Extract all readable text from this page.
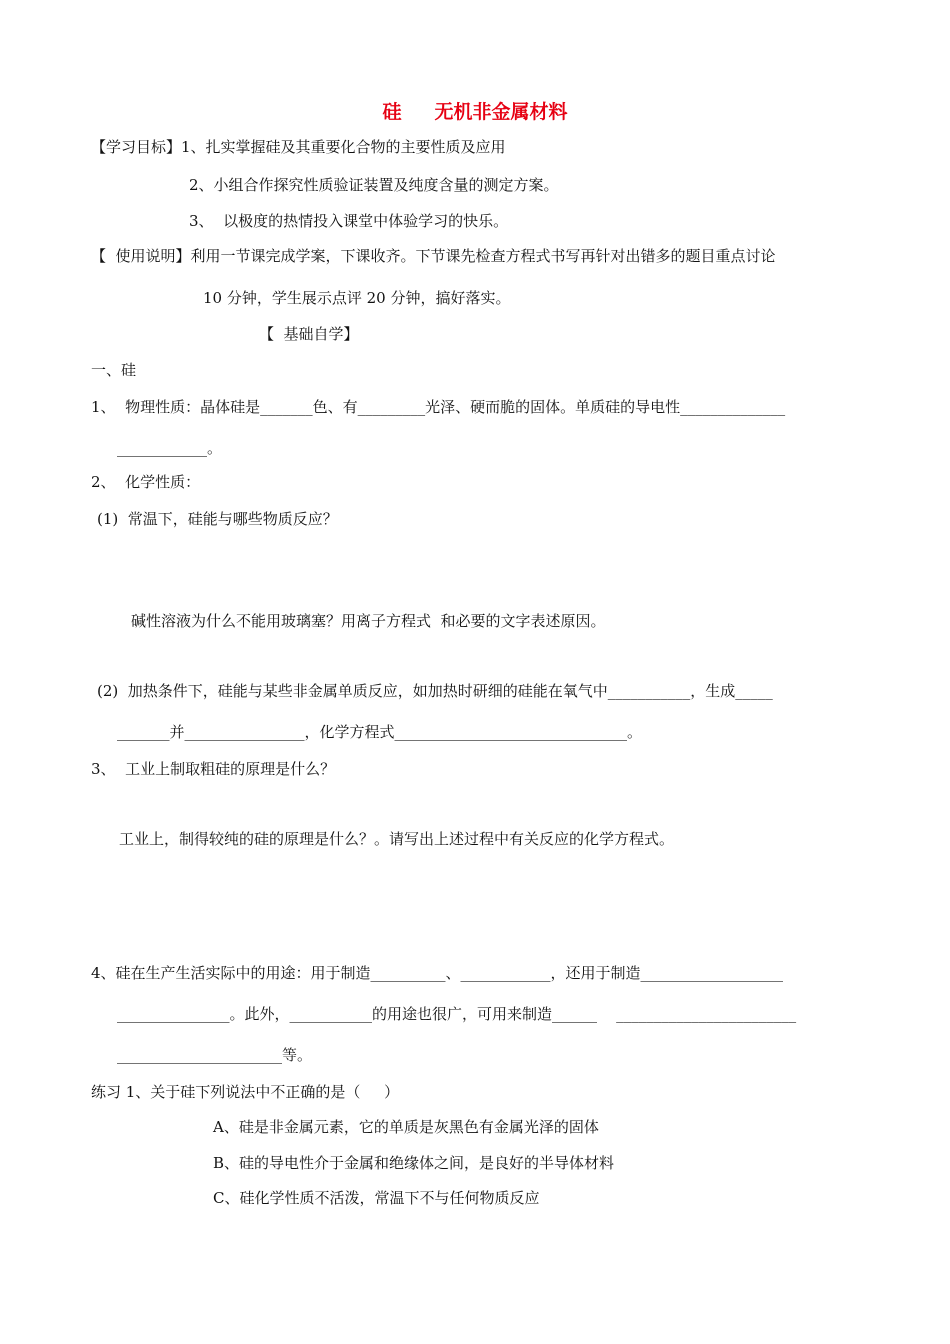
硅     无机非金属材料
【学习目标】1、扎实掌握硅及其重要化合物的主要性质及应用
2、小组合作探究性质验证装置及纯度含量的测定方案。
3、  以极度的热情投入课堂中体验学习的快乐。
【  使用说明】利用一节课完成学案，下课收齐。下节课先检查方程式书写再针对出错多的题目重点讨论
10 分钟，学生展示点评 20 分钟，搞好落实。
【  基础自学】
一、硅
1、  物理性质：晶体硅是_______色、有_________光泽、硬而脆的固体。单质硅的导电性______________
____________。
2、  化学性质：
(1)  常温下，硅能与哪些物质反应？
碱性溶液为什么不能用玻璃塞？用离子方程式  和必要的文字表述原因。
(2)  加热条件下，硅能与某些非金属单质反应，如加热时研细的硅能在氧气中___________，生成_____
_______并________________，化学方程式_______________________________。
3、  工业上制取粗硅的原理是什么？
工业上，制得较纯的硅的原理是什么？。请写出上述过程中有关反应的化学方程式。
4、硅在生产生活实际中的用途：用于制造__________、____________，还用于制造___________________
_______________。此外，___________的用途也很广，可用来制造______    ________________________
______________________等。
练习 1、关于硅下列说法中不正确的是（     ）
A、硅是非金属元素，它的单质是灰黑色有金属光泽的固体
B、硅的导电性介于金属和绝缘体之间，是良好的半导体材料
C、硅化学性质不活泼，常温下不与任何物质反应
